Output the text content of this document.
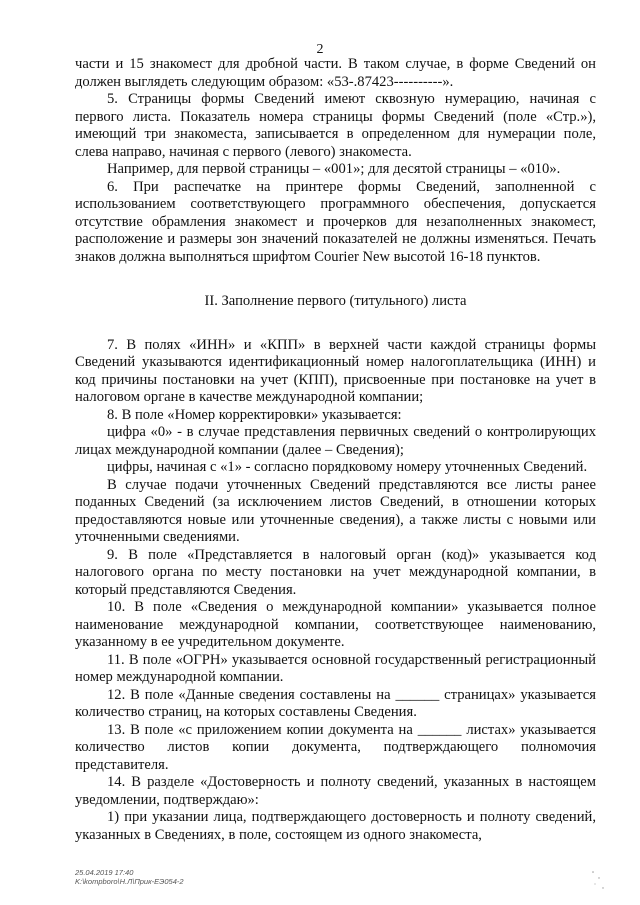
2

части и 15 знакомест для дробной части. В таком случае, в форме Сведений он должен выглядеть следующим образом: «53-.87423----------».

5. Страницы формы Сведений имеют сквозную нумерацию, начиная с первого листа. Показатель номера страницы формы Сведений (поле «Стр.»), имеющий три знакоместа, записывается в определенном для нумерации поле, слева направо, начиная с первого (левого) знакоместа.

Например, для первой страницы – «001»; для десятой страницы – «010».

6. При распечатке на принтере формы Сведений, заполненной с использованием соответствующего программного обеспечения, допускается отсутствие обрамления знакомест и прочерков для незаполненных знакомест, расположение и размеры зон значений показателей не должны изменяться. Печать знаков должна выполняться шрифтом Courier New высотой 16-18 пунктов.

II. Заполнение первого (титульного) листа

7. В полях «ИНН» и «КПП» в верхней части каждой страницы формы Сведений указываются идентификационный номер налогоплательщика (ИНН) и код причины постановки на учет (КПП), присвоенные при постановке на учет в налоговом органе в качестве международной компании;

8. В поле «Номер корректировки» указывается:

цифра «0» - в случае представления первичных сведений о контролирующих лицах международной компании (далее – Сведения);

цифры, начиная с «1» - согласно порядковому номеру уточненных Сведений.

В случае подачи уточненных Сведений представляются все листы ранее поданных Сведений (за исключением листов Сведений, в отношении которых предоставляются новые или уточненные сведения), а также листы с новыми или уточненными сведениями.

9. В поле «Представляется в налоговый орган (код)» указывается код налогового органа по месту постановки на учет международной компании, в который представляются Сведения.

10. В поле «Сведения о международной компании» указывается полное наименование международной компании, соответствующее наименованию, указанному в ее учредительном документе.

11. В поле «ОГРН» указывается основной государственный регистрационный номер международной компании.

12. В поле «Данные сведения составлены на ______ страницах» указывается количество страниц, на которых составлены Сведения.

13. В поле «с приложением копии документа на ______ листах» указывается количество листов копии документа, подтверждающего полномочия представителя.

14. В разделе «Достоверность и полноту сведений, указанных в настоящем уведомлении, подтверждаю»:

1) при указании лица, подтверждающего достоверность и полноту сведений, указанных в Сведениях, в поле, состоящем из одного знакоместа,

25.04.2019 17:40
K:\kompboro\Н.Л\Прик-ЕЭ054-2
